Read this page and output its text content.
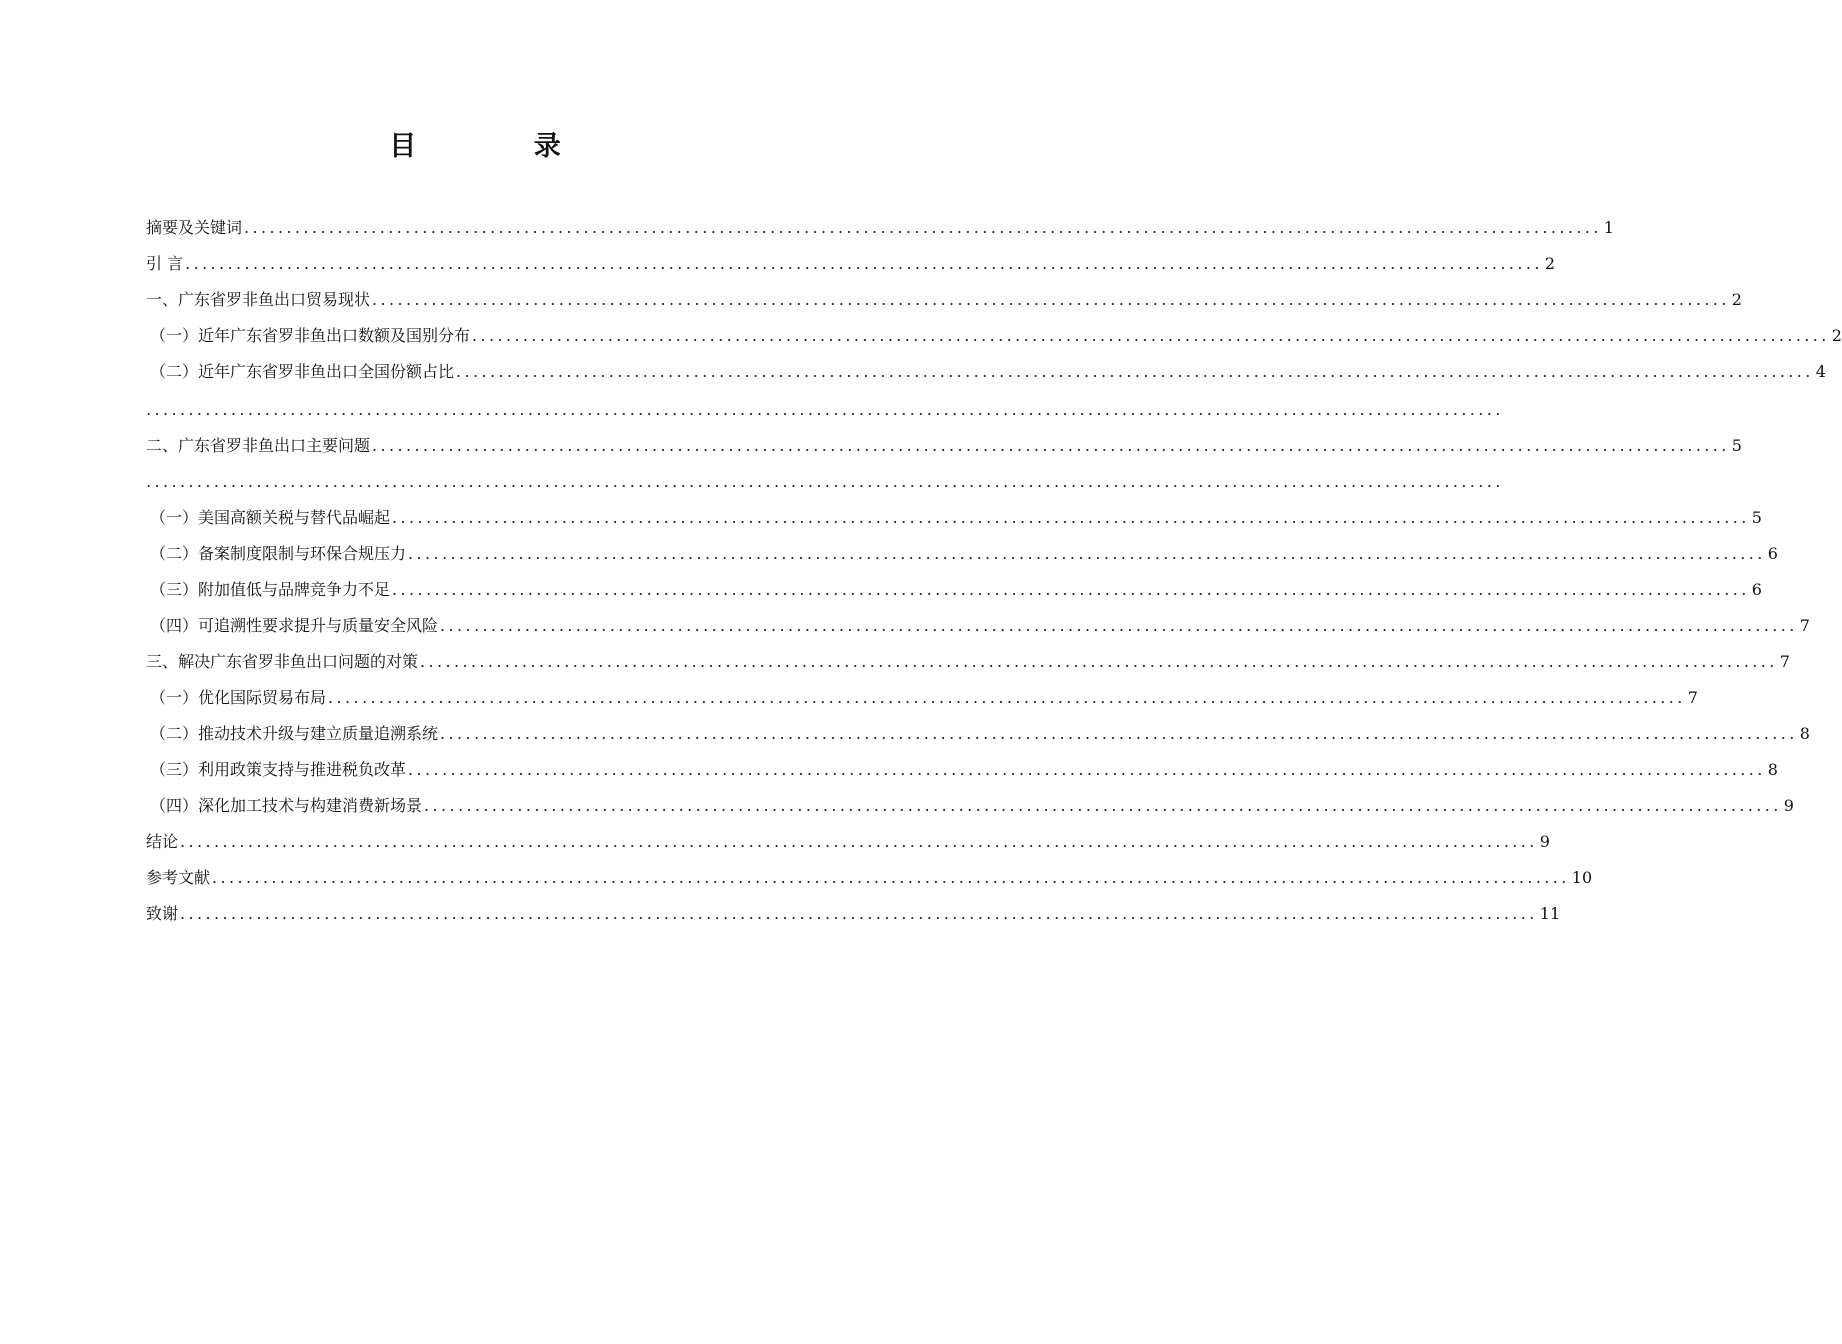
目 录
摘要及关键词 ................................................................................................................................................................ 1
引 言 ................................................................................................................................................................ 2
一、广东省罗非鱼出口贸易现状 ................................................................................................................................................................ 2
（一）近年广东省罗非鱼出口数额及国别分布 ................................................................................................................................................................ 2
（二）近年广东省罗非鱼出口全国份额占比 ................................................................................................................................................................ 4
................................................................................................................................................................
二、广东省罗非鱼出口主要问题 ................................................................................................................................................................ 5
................................................................................................................................................................
（一）美国高额关税与替代品崛起 ................................................................................................................................................................ 5
（二）备案制度限制与环保合规压力 ................................................................................................................................................................ 6
（三）附加值低与品牌竞争力不足 ................................................................................................................................................................ 6
（四）可追溯性要求提升与质量安全风险 ................................................................................................................................................................ 7
三、解决广东省罗非鱼出口问题的对策 ................................................................................................................................................................ 7
（一）优化国际贸易布局 ................................................................................................................................................................ 7
（二）推动技术升级与建立质量追溯系统 ................................................................................................................................................................ 8
（三）利用政策支持与推进税负改革 ................................................................................................................................................................ 8
（四）深化加工技术与构建消费新场景 ................................................................................................................................................................ 9
结论 ................................................................................................................................................................ 9
参考文献 ................................................................................................................................................................ 10
致谢 ................................................................................................................................................................ 11
